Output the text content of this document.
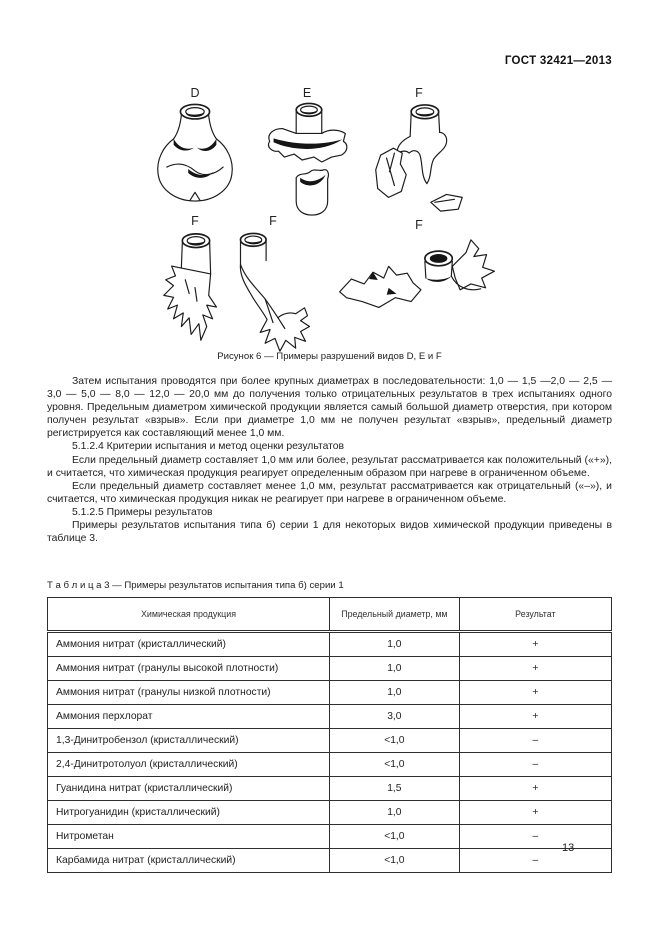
ГОСТ 32421—2013
D	E	F
F	F	F
Рисунок 6 — Примеры разрушений видов D, E и F

Затем испытания проводятся при более крупных диаметрах в последовательности: 1,0 — 1,5 —2,0 — 2,5 — 3,0 — 5,0 — 8,0 — 12,0 — 20,0 мм до получения только отрицательных результатов в трех испытаниях одного уровня. Предельным диаметром химической продукции является самый большой диаметр отверстия, при котором получен результат «взрыв». Если при диаметре 1,0 мм не получен результат «взрыв», предельный диаметр регистрируется как составляющий менее 1,0 мм.

5.1.2.4 Критерии испытания и метод оценки результатов

Если предельный диаметр составляет 1,0 мм или более, результат рассматривается как положительный («+»), и считается, что химическая продукция реагирует определенным образом при нагреве в ограниченном объеме.

Если предельный диаметр составляет менее 1,0 мм, результат рассматривается как отрицательный («–»), и считается, что химическая продукция никак не реагирует при нагреве в ограниченном объеме.

5.1.2.5 Примеры результатов

Примеры результатов испытания типа б) серии 1 для некоторых видов химической продукции приведены в таблице 3.

Т а б л и ц а 3 — Примеры результатов испытания типа б) серии 1
Химическая продукция	Предельный диаметр, мм	Результат
Аммония нитрат (кристаллический)	1,0	+
Аммония нитрат (гранулы высокой плотности)	1,0	+
Аммония нитрат (гранулы низкой плотности)	1,0	+
Аммония перхлорат	3,0	+
1,3-Динитробензол (кристаллический)	<1,0	–
2,4-Динитротолуол (кристаллический)	<1,0	–
Гуанидина нитрат (кристаллический)	1,5	+
Нитрогуанидин (кристаллический)	1,0	+
Нитрометан	<1,0	–
Карбамида нитрат (кристаллический)	<1,0	–
13
